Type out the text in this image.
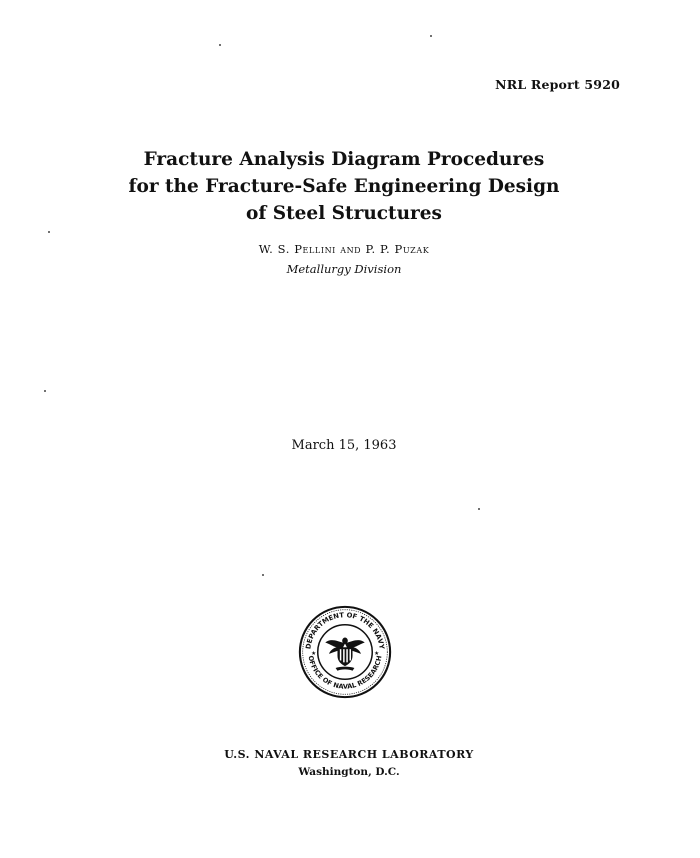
NRL Report 5920
Fracture Analysis Diagram Procedures
for the Fracture-Safe Engineering Design
of Steel Structures
W. S. Pellini and P. P. Puzak
Metallurgy Division
March 15, 1963
DEPARTMENT OF THE NAVY
OFFICE OF NAVAL RESEARCH
★	★
U.S. NAVAL RESEARCH LABORATORY
Washington, D.C.
